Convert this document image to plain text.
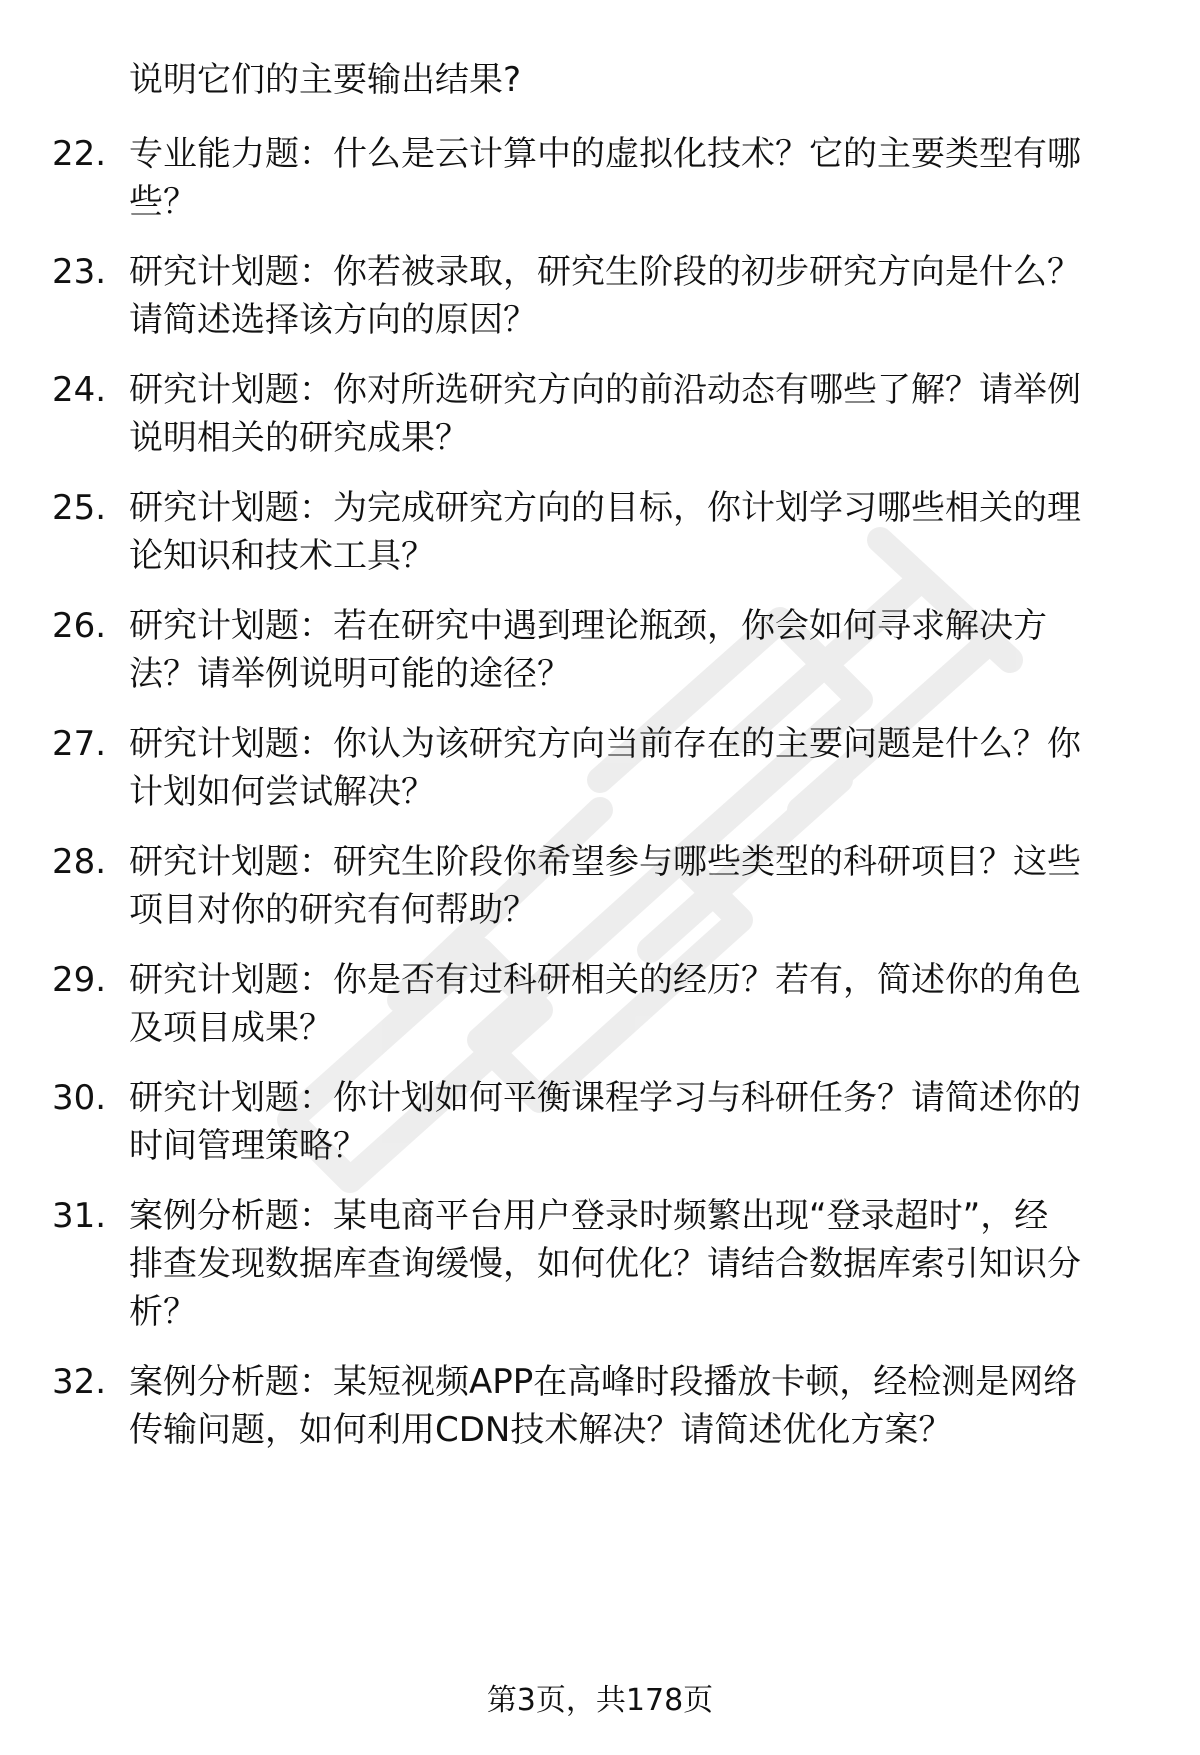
说明它们的主要输出结果?
22. 专业能力题：什么是云计算中的虚拟化技术？它的主要类型有哪
些？
23. 研究计划题：你若被录取，研究生阶段的初步研究方向是什么？
请简述选择该方向的原因？
24. 研究计划题：你对所选研究方向的前沿动态有哪些了解？请举例
说明相关的研究成果？
25. 研究计划题：为完成研究方向的目标，你计划学习哪些相关的理
论知识和技术工具？
26. 研究计划题：若在研究中遇到理论瓶颈，你会如何寻求解决方
法？请举例说明可能的途径？
27. 研究计划题：你认为该研究方向当前存在的主要问题是什么？你
计划如何尝试解决？
28. 研究计划题：研究生阶段你希望参与哪些类型的科研项目？这些
项目对你的研究有何帮助？
29. 研究计划题：你是否有过科研相关的经历？若有，简述你的角色
及项目成果？
30. 研究计划题：你计划如何平衡课程学习与科研任务？请简述你的
时间管理策略？
31. 案例分析题：某电商平台用户登录时频繁出现“登录超时”，经
排查发现数据库查询缓慢，如何优化？请结合数据库索引知识分
析？
32. 案例分析题：某短视频APP在高峰时段播放卡顿，经检测是网络
传输问题，如何利用CDN技术解决？请简述优化方案？
第3页，共178页
